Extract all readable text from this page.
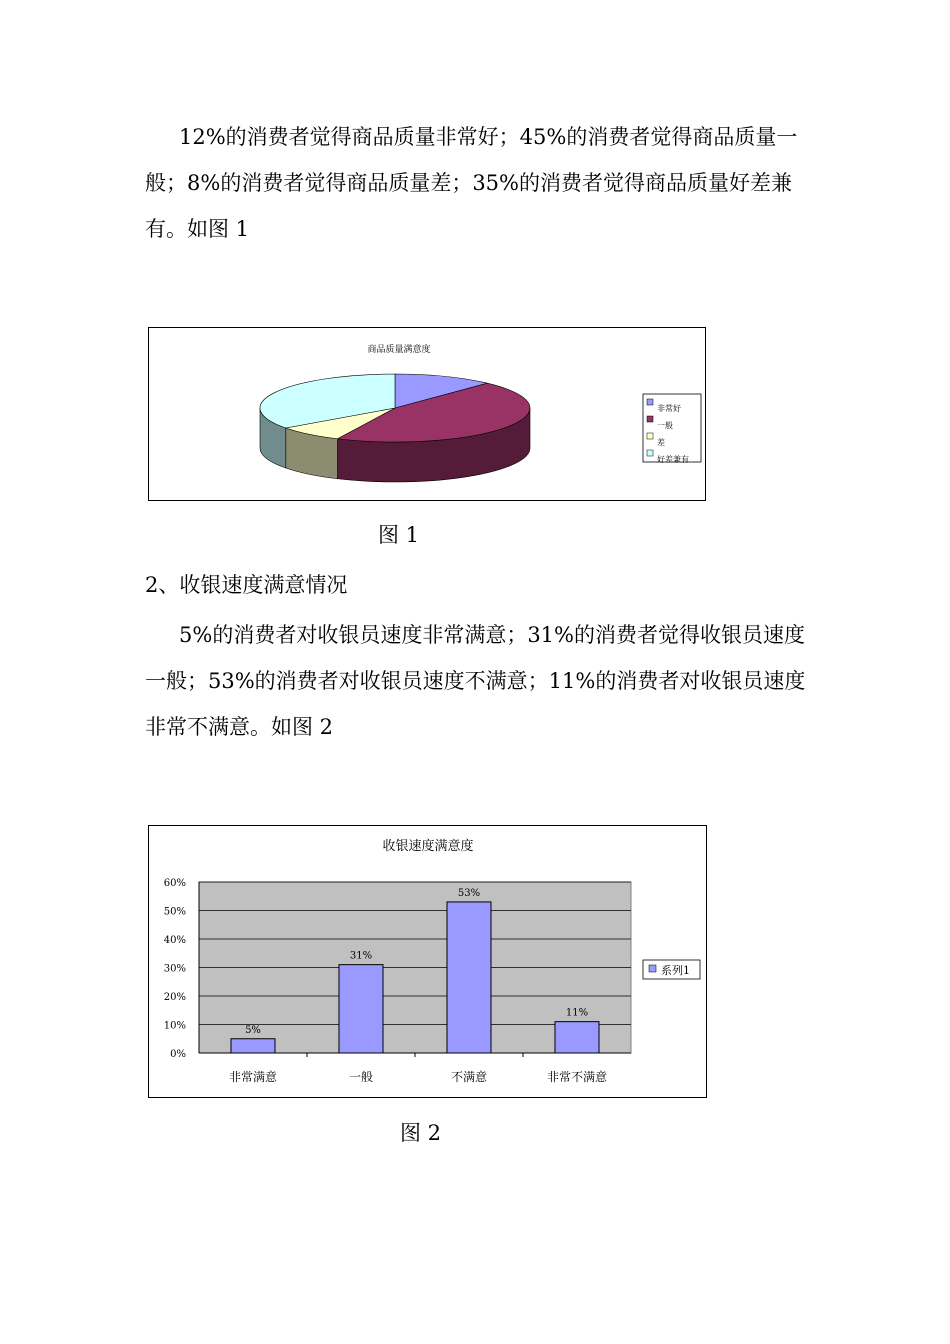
12%的消费者觉得商品质量非常好；45%的消费者觉得商品质量一般；8%的消费者觉得商品质量差；35%的消费者觉得商品质量好差兼有。如图 1

商品质量满意度
非常好
一般
差
好差兼有

图 1

2、收银速度满意情况

5%的消费者对收银员速度非常满意；31%的消费者觉得收银员速度一般；53%的消费者对收银员速度不满意；11%的消费者对收银员速度非常不满意。如图 2

收银速度满意度
0%
10%
20%
30%
40%
50%
60%
5%
非常满意
31%
一般
53%
不满意
11%
非常不满意
系列1

图 2
